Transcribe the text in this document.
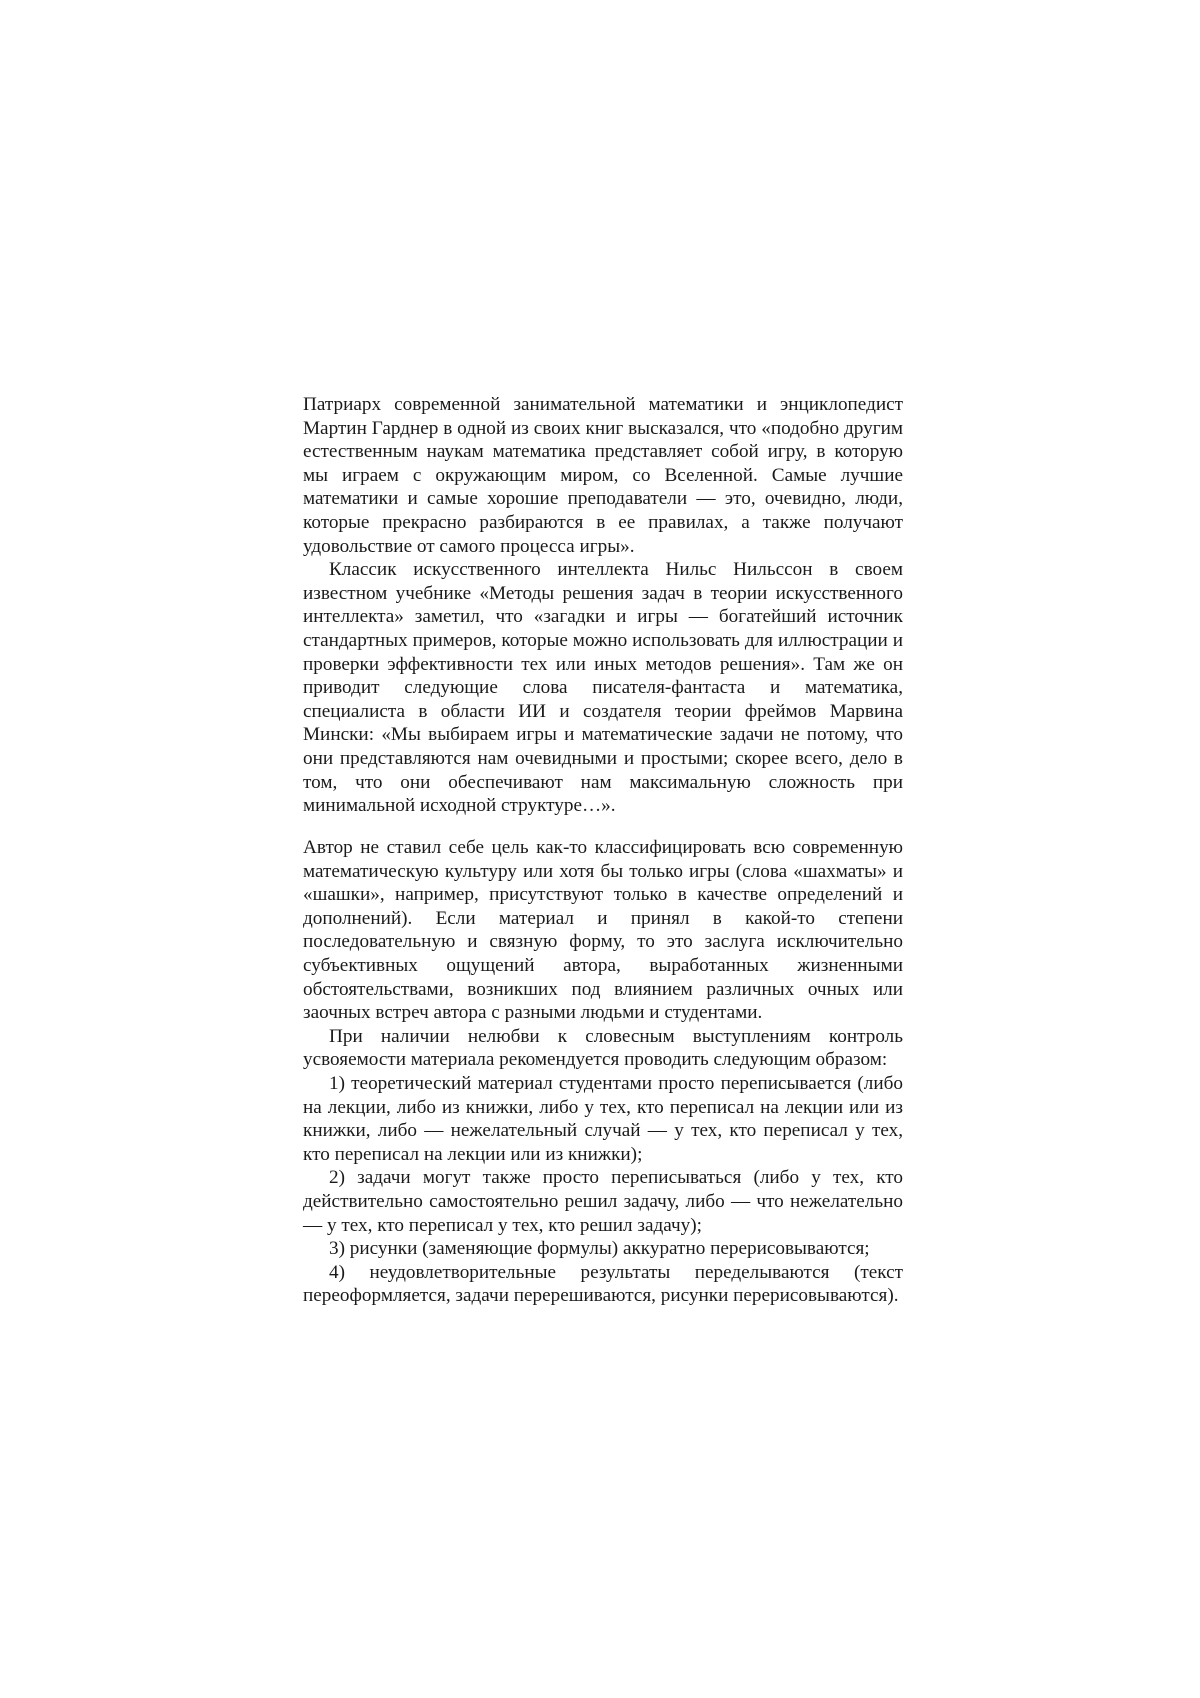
Патриарх современной занимательной математики и энциклопедист Мартин Гарднер в одной из своих книг высказался, что «подобно другим естественным наукам математика представляет собой игру, в которую мы играем с окружающим миром, со Вселенной. Самые лучшие математики и самые хорошие преподаватели — это, очевидно, люди, которые прекрасно разбираются в ее правилах, а также получают удовольствие от самого процесса игры».

Классик искусственного интеллекта Нильс Нильссон в своем известном учебнике «Методы решения задач в теории искусственного интеллекта» заметил, что «загадки и игры — богатейший источник стандартных примеров, которые можно использовать для иллюстрации и проверки эффективности тех или иных методов решения». Там же он приводит следующие слова писателя-фантаста и математика, специалиста в области ИИ и создателя теории фреймов Марвина Мински: «Мы выбираем игры и математические задачи не потому, что они представляются нам очевидными и простыми; скорее всего, дело в том, что они обеспечивают нам максимальную сложность при минимальной исходной структуре…».

Автор не ставил себе цель как-то классифицировать всю современную математическую культуру или хотя бы только игры (слова «шахматы» и «шашки», например, присутствуют только в качестве определений и дополнений). Если материал и принял в какой-то степени последовательную и связную форму, то это заслуга исключительно субъективных ощущений автора, выработанных жизненными обстоятельствами, возникших под влиянием различных очных или заочных встреч автора с разными людьми и студентами.

При наличии нелюбви к словесным выступлениям контроль усвояемости материала рекомендуется проводить следующим образом:

1) теоретический материал студентами просто переписывается (либо на лекции, либо из книжки, либо у тех, кто переписал на лекции или из книжки, либо — нежелательный случай — у тех, кто переписал у тех, кто переписал на лекции или из книжки);

2) задачи могут также просто переписываться (либо у тех, кто действительно самостоятельно решил задачу, либо — что нежелательно — у тех, кто переписал у тех, кто решил задачу);

3) рисунки (заменяющие формулы) аккуратно перерисовываются;

4) неудовлетворительные результаты переделываются (текст переоформляется, задачи перерешиваются, рисунки перерисовываются).
